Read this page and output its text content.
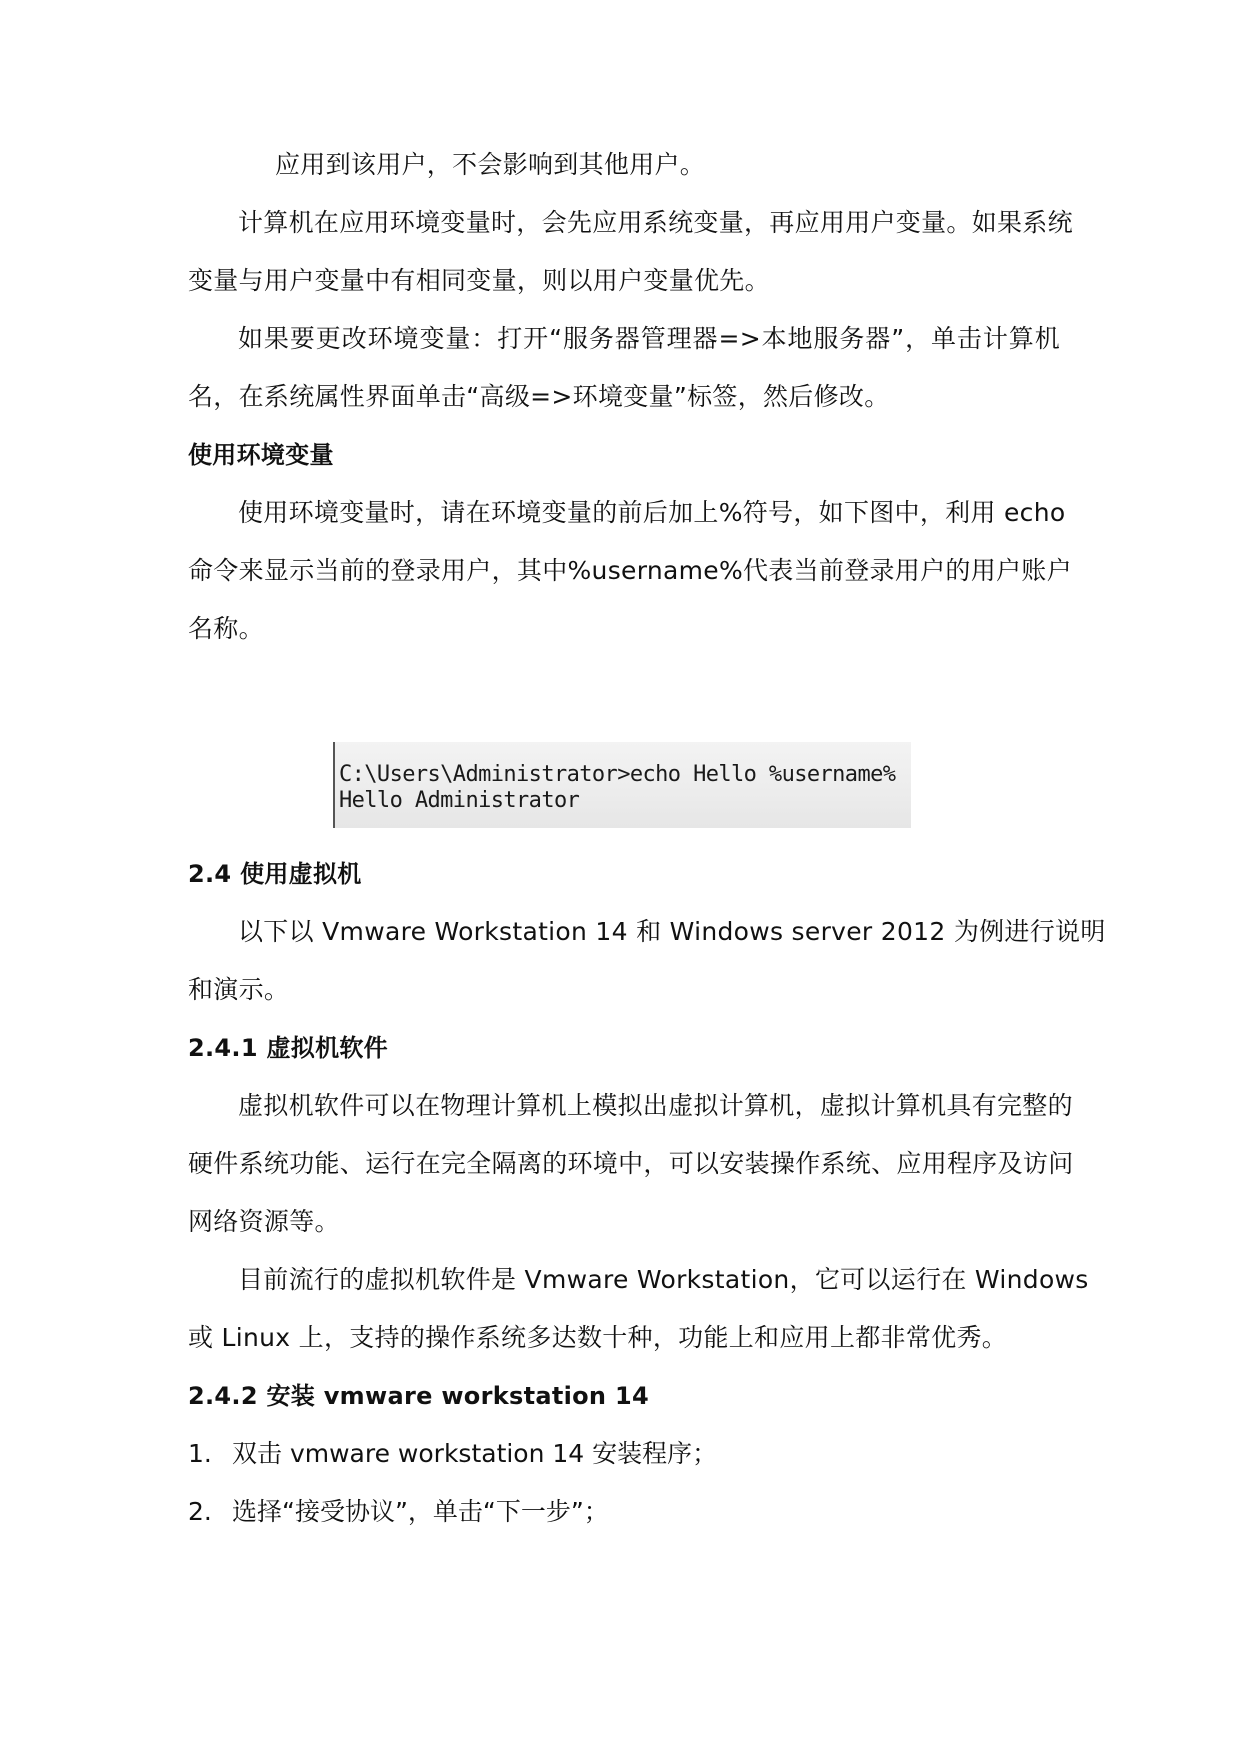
应用到该用户，不会影响到其他用户。
计算机在应用环境变量时，会先应用系统变量，再应用用户变量。如果系统
变量与用户变量中有相同变量，则以用户变量优先。
如果要更改环境变量：打开“服务器管理器=>本地服务器”，单击计算机
名，在系统属性界面单击“高级=>环境变量”标签，然后修改。
使用环境变量
使用环境变量时，请在环境变量的前后加上%符号，如下图中，利用 echo
命令来显示当前的登录用户，其中%username%代表当前登录用户的用户账户
名称。
C:\Users\Administrator>echo Hello %username%
Hello Administrator
2.4 使用虚拟机
以下以 Vmware Workstation 14 和 Windows server 2012 为例进行说明
和演示。
2.4.1 虚拟机软件
虚拟机软件可以在物理计算机上模拟出虚拟计算机，虚拟计算机具有完整的
硬件系统功能、运行在完全隔离的环境中，可以安装操作系统、应用程序及访问
网络资源等。
目前流行的虚拟机软件是 Vmware Workstation，它可以运行在 Windows
或 Linux 上，支持的操作系统多达数十种，功能上和应用上都非常优秀。
2.4.2 安装 vmware workstation 14
1. 双击 vmware workstation 14 安装程序；
2. 选择“接受协议”，单击“下一步”；
